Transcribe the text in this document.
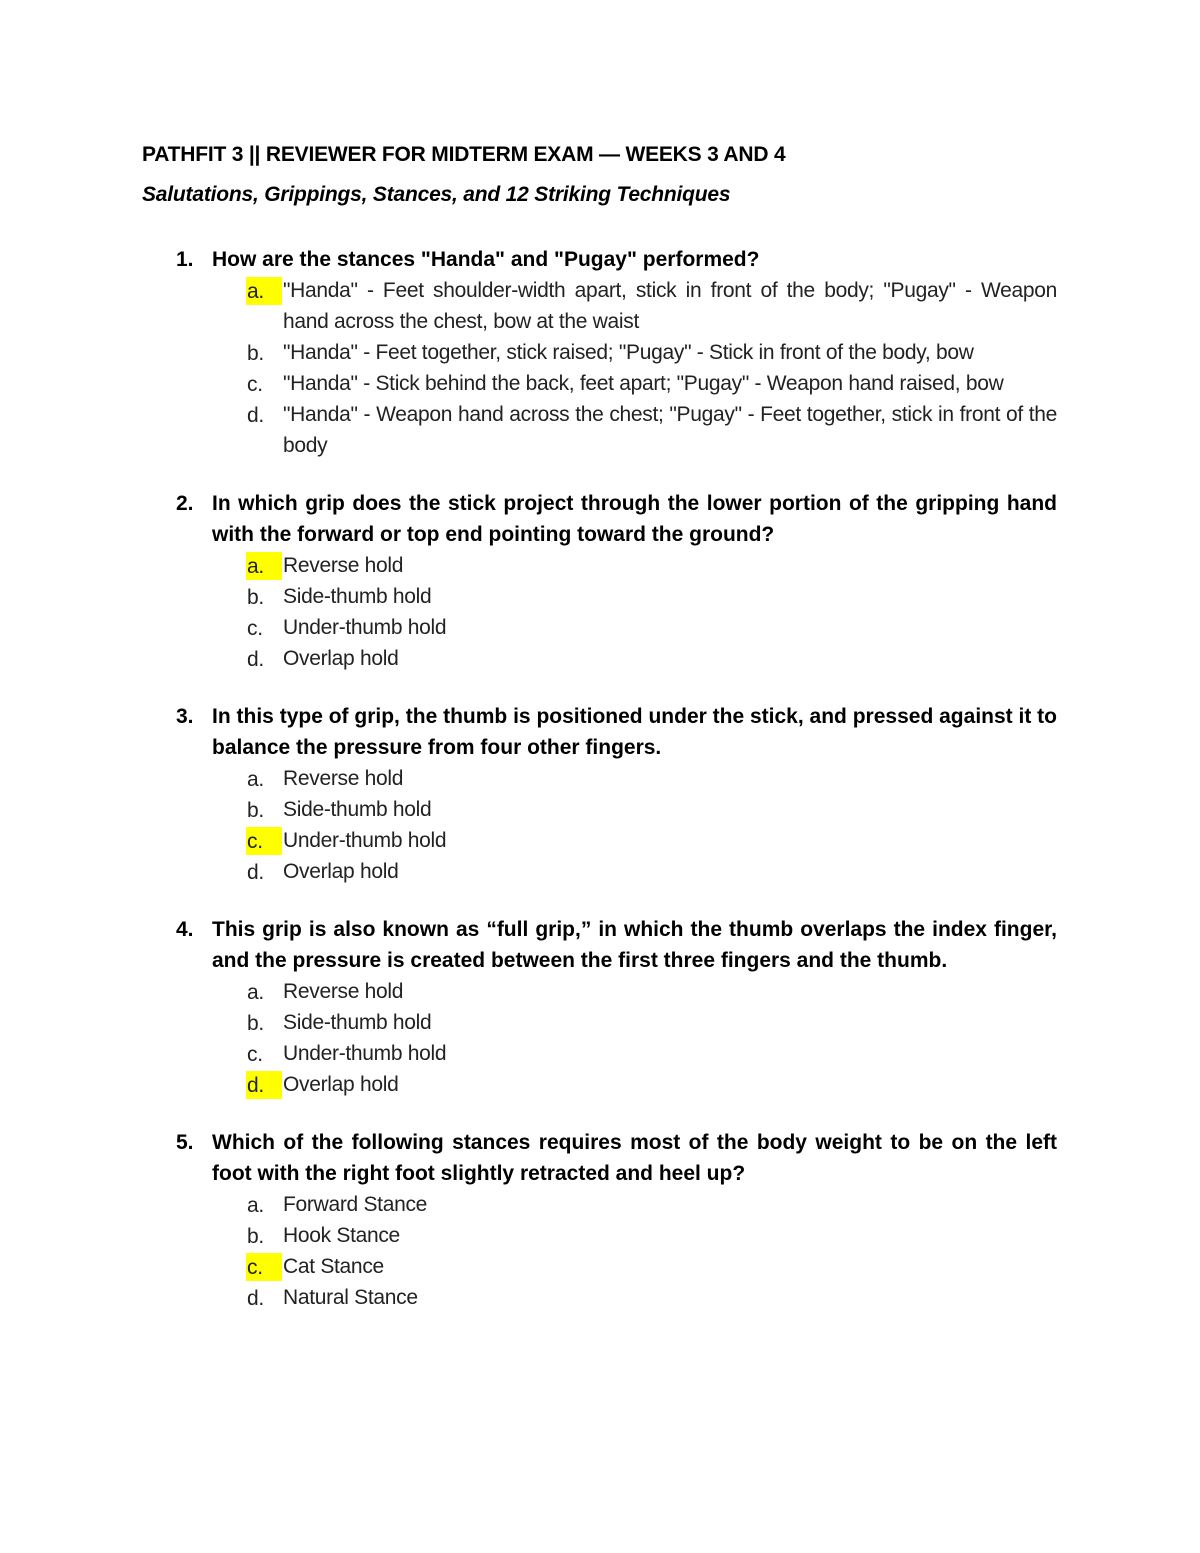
PATHFIT 3 || REVIEWER FOR MIDTERM EXAM — WEEKS 3 AND 4
Salutations, Grippings, Stances, and 12 Striking Techniques
1. How are the stances "Handa" and "Pugay" performed?
a. "Handa" - Feet shoulder-width apart, stick in front of the body; "Pugay" - Weapon hand across the chest, bow at the waist
b. "Handa" - Feet together, stick raised; "Pugay" - Stick in front of the body, bow
c. "Handa" - Stick behind the back, feet apart; "Pugay" - Weapon hand raised, bow
d. "Handa" - Weapon hand across the chest; "Pugay" - Feet together, stick in front of the body
2. In which grip does the stick project through the lower portion of the gripping hand with the forward or top end pointing toward the ground?
a. Reverse hold
b. Side-thumb hold
c. Under-thumb hold
d. Overlap hold
3. In this type of grip, the thumb is positioned under the stick, and pressed against it to balance the pressure from four other fingers.
a. Reverse hold
b. Side-thumb hold
c. Under-thumb hold
d. Overlap hold
4. This grip is also known as “full grip,” in which the thumb overlaps the index finger, and the pressure is created between the first three fingers and the thumb.
a. Reverse hold
b. Side-thumb hold
c. Under-thumb hold
d. Overlap hold
5. Which of the following stances requires most of the body weight to be on the left foot with the right foot slightly retracted and heel up?
a. Forward Stance
b. Hook Stance
c. Cat Stance
d. Natural Stance
